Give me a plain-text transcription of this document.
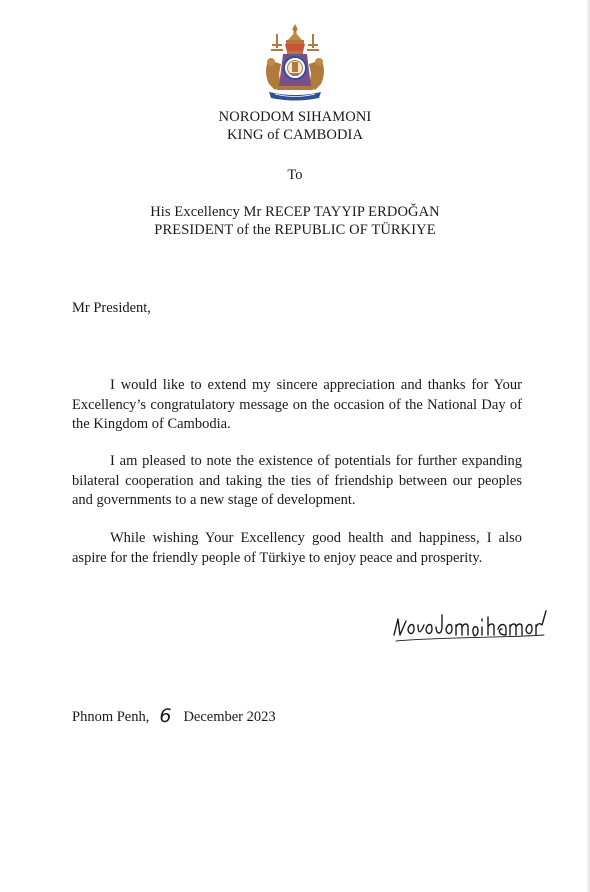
NORODOM SIHAMONI
KING of CAMBODIA
To
His Excellency Mr RECEP TAYYIP ERDOĞAN
PRESIDENT of the REPUBLIC OF TÜRKIYE
Mr President,
I would like to extend my sincere appreciation and thanks for Your Excellency’s congratulatory message on the occasion of the National Day of the Kingdom of Cambodia.
I am pleased to note the existence of potentials for further expanding bilateral cooperation and taking the ties of friendship between our peoples and governments to a new stage of development.
While wishing Your Excellency good health and happiness, I also aspire for the friendly people of Türkiye to enjoy peace and prosperity.
Phnom Penh, 6 December 2023
